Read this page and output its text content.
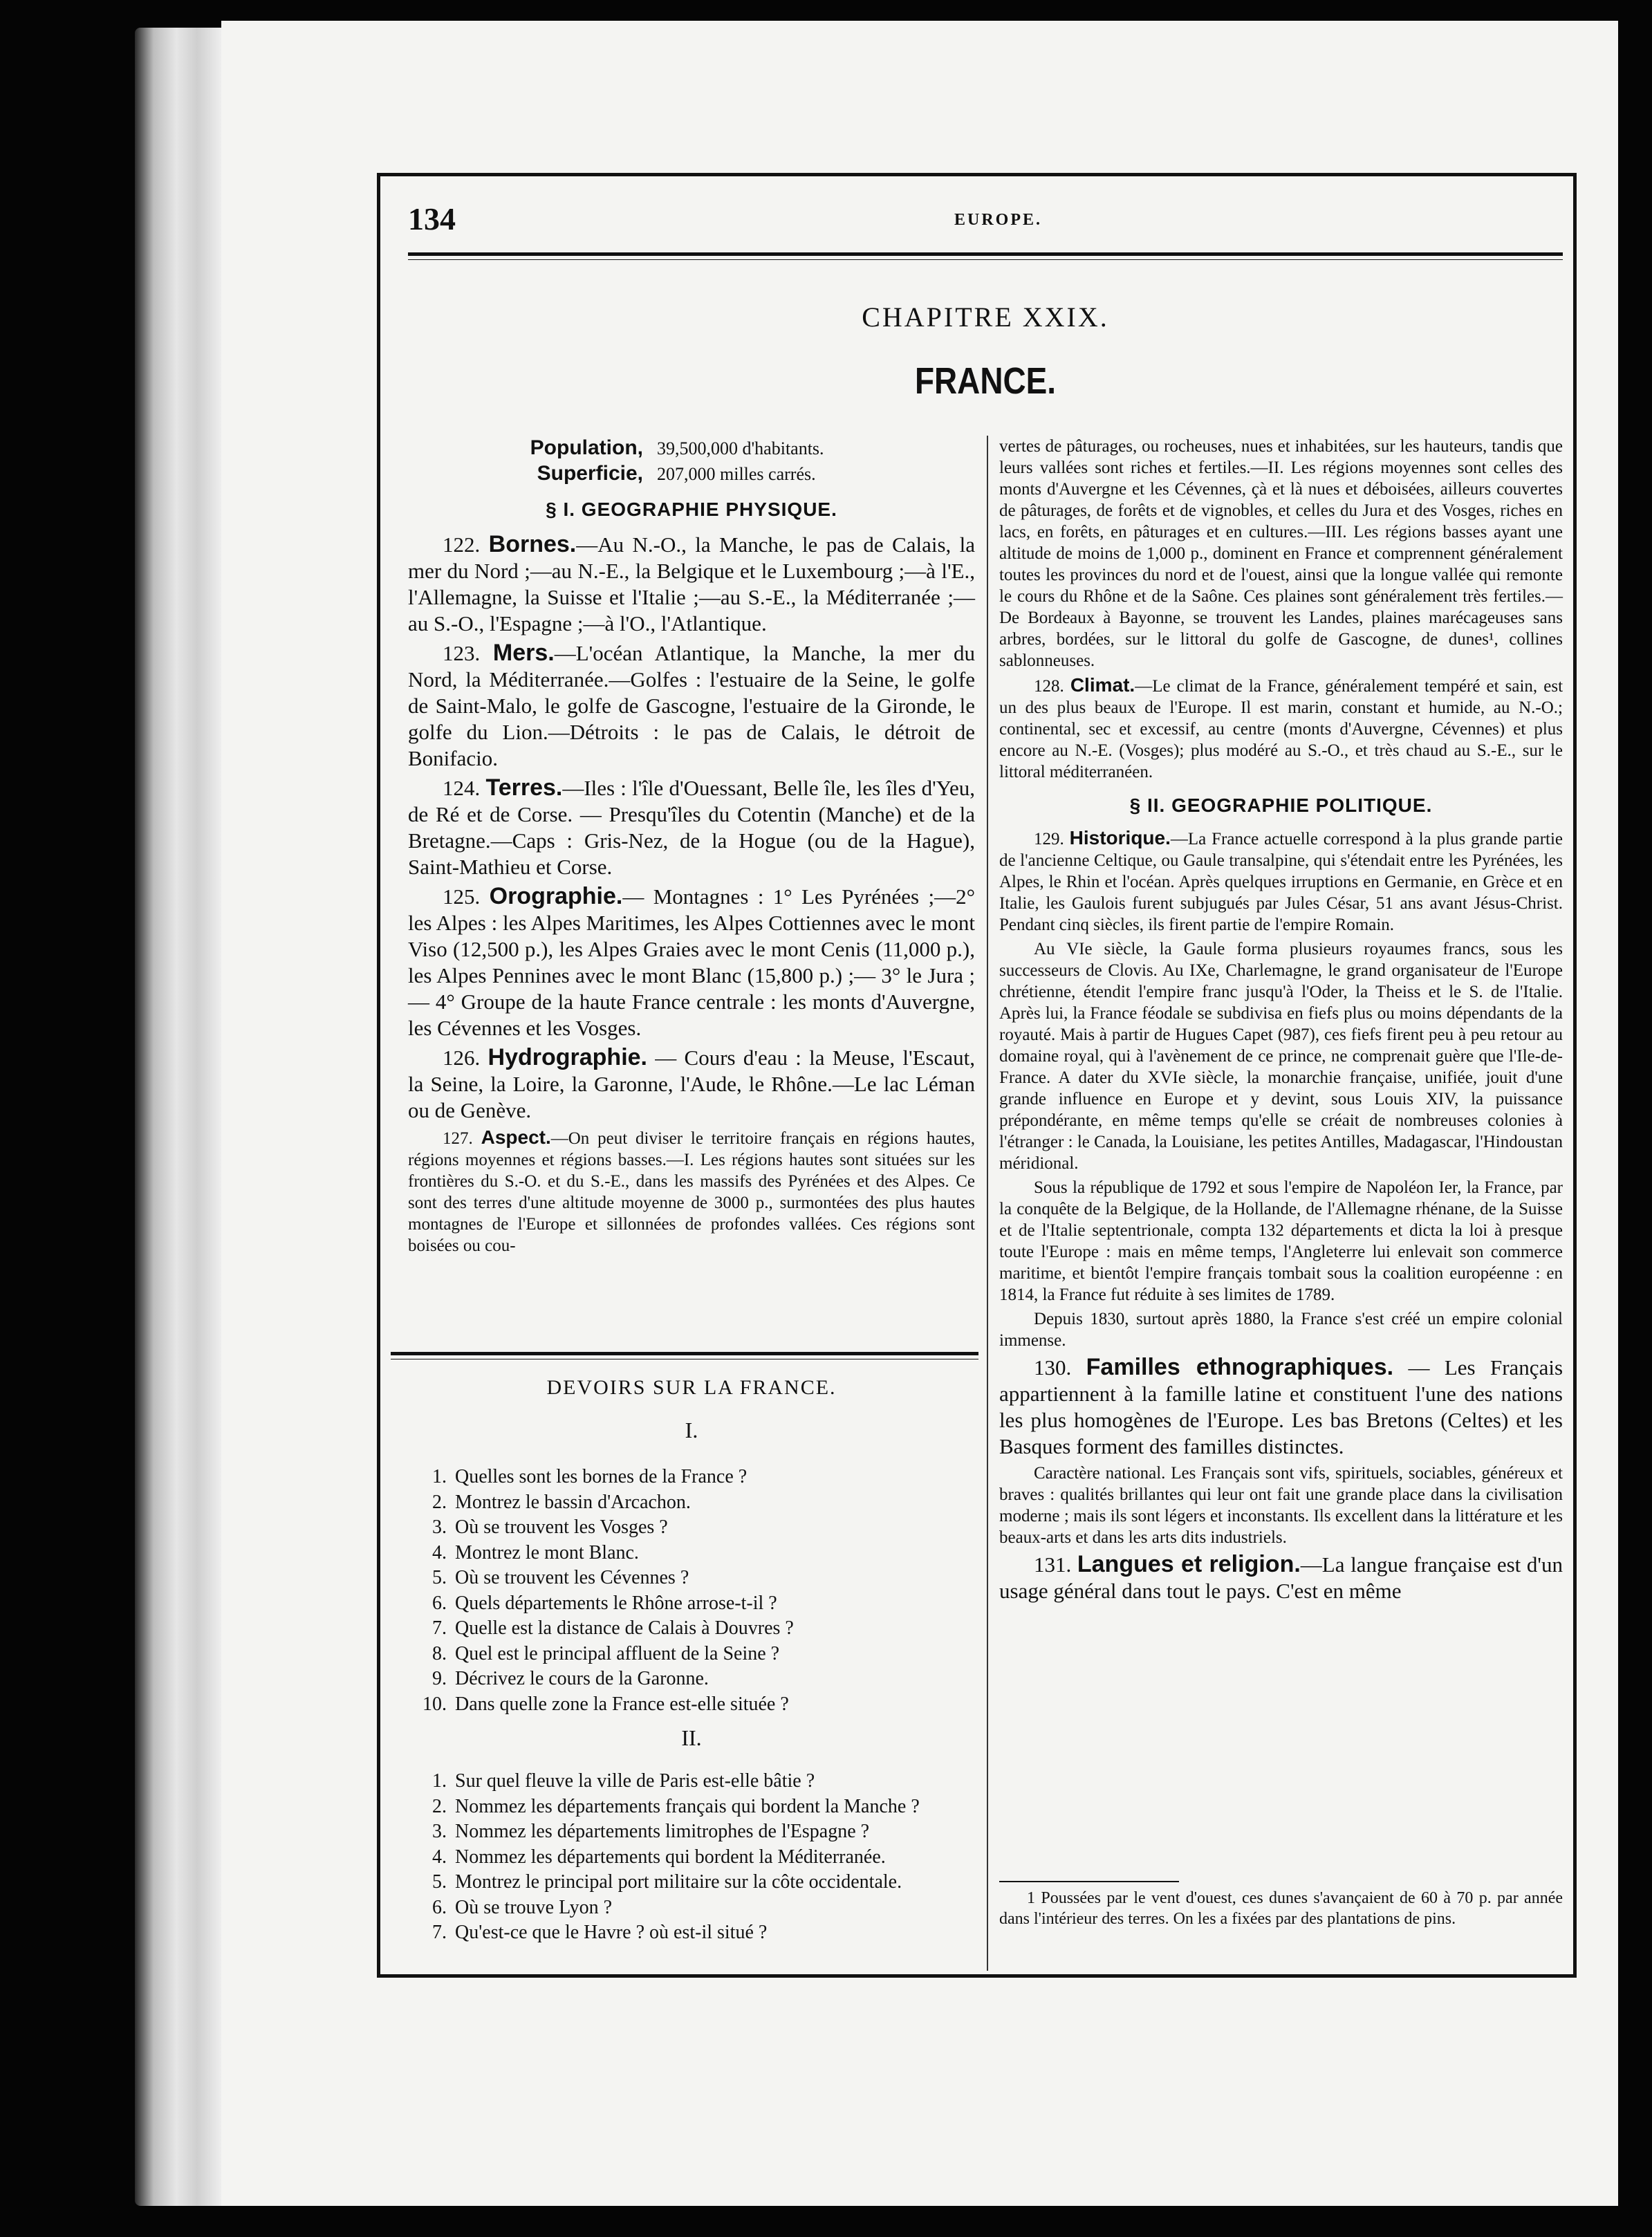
134	EUROPE.
CHAPITRE XXIX.
FRANCE.
Population, 39,500,000 d'habitants.
Superficie, 207,000 milles carrés.
§ I. GEOGRAPHIE PHYSIQUE.

122. Bornes.—Au N.-O., la Manche, le pas de Calais, la mer du Nord ;—au N.-E., la Belgique et le Luxembourg ;—à l'E., l'Allemagne, la Suisse et l'Italie ;—au S.-E., la Méditerranée ;—au S.-O., l'Espagne ;—à l'O., l'Atlantique.

123. Mers.—L'océan Atlantique, la Manche, la mer du Nord, la Méditerranée.—Golfes : l'estuaire de la Seine, le golfe de Saint-Malo, le golfe de Gascogne, l'estuaire de la Gironde, le golfe du Lion.—Détroits : le pas de Calais, le détroit de Bonifacio.

124. Terres.—Iles : l'île d'Ouessant, Belle île, les îles d'Yeu, de Ré et de Corse. — Presqu'îles du Cotentin (Manche) et de la Bretagne.—Caps : Gris-Nez, de la Hogue (ou de la Hague), Saint-Mathieu et Corse.

125. Orographie.— Montagnes : 1° Les Pyrénées ;—2° les Alpes : les Alpes Maritimes, les Alpes Cottiennes avec le mont Viso (12,500 p.), les Alpes Graies avec le mont Cenis (11,000 p.), les Alpes Pennines avec le mont Blanc (15,800 p.) ;— 3° le Jura ;— 4° Groupe de la haute France centrale : les monts d'Auvergne, les Cévennes et les Vosges.

126. Hydrographie. — Cours d'eau : la Meuse, l'Escaut, la Seine, la Loire, la Garonne, l'Aude, le Rhône.—Le lac Léman ou de Genève.

127. Aspect.—On peut diviser le territoire français en régions hautes, régions moyennes et régions basses.—I. Les régions hautes sont situées sur les frontières du S.-O. et du S.-E., dans les massifs des Pyrénées et des Alpes. Ce sont des terres d'une altitude moyenne de 3000 p., surmontées des plus hautes montagnes de l'Europe et sillonnées de profondes vallées. Ces régions sont boisées ou cou-

DEVOIRS SUR LA FRANCE.
I.
1. Quelles sont les bornes de la France ?
2. Montrez le bassin d'Arcachon.
3. Où se trouvent les Vosges ?
4. Montrez le mont Blanc.
5. Où se trouvent les Cévennes ?
6. Quels départements le Rhône arrose-t-il ?
7. Quelle est la distance de Calais à Douvres ?
8. Quel est le principal affluent de la Seine ?
9. Décrivez le cours de la Garonne.
10. Dans quelle zone la France est-elle située ?
II.
1. Sur quel fleuve la ville de Paris est-elle bâtie ?
2. Nommez les départements français qui bordent la Manche ?
3. Nommez les départements limitrophes de l'Espagne ?
4. Nommez les départements qui bordent la Méditerranée.
5. Montrez le principal port militaire sur la côte occidentale.
6. Où se trouve Lyon ?
7. Qu'est-ce que le Havre ? où est-il situé ?

vertes de pâturages, ou rocheuses, nues et inhabitées, sur les hauteurs, tandis que leurs vallées sont riches et fertiles.—II. Les régions moyennes sont celles des monts d'Auvergne et les Cévennes, çà et là nues et déboisées, ailleurs couvertes de pâturages, de forêts et de vignobles, et celles du Jura et des Vosges, riches en lacs, en forêts, en pâturages et en cultures.—III. Les régions basses ayant une altitude de moins de 1,000 p., dominent en France et comprennent généralement toutes les provinces du nord et de l'ouest, ainsi que la longue vallée qui remonte le cours du Rhône et de la Saône. Ces plaines sont généralement très fertiles.—De Bordeaux à Bayonne, se trouvent les Landes, plaines marécageuses sans arbres, bordées, sur le littoral du golfe de Gascogne, de dunes¹, collines sablonneuses.

128. Climat.—Le climat de la France, généralement tempéré et sain, est un des plus beaux de l'Europe. Il est marin, constant et humide, au N.-O.; continental, sec et excessif, au centre (monts d'Auvergne, Cévennes) et plus encore au N.-E. (Vosges); plus modéré au S.-O., et très chaud au S.-E., sur le littoral méditerranéen.

§ II. GEOGRAPHIE POLITIQUE.

129. Historique.—La France actuelle correspond à la plus grande partie de l'ancienne Celtique, ou Gaule transalpine, qui s'étendait entre les Pyrénées, les Alpes, le Rhin et l'océan. Après quelques irruptions en Germanie, en Grèce et en Italie, les Gaulois furent subjugués par Jules César, 51 ans avant Jésus-Christ. Pendant cinq siècles, ils firent partie de l'empire Romain.

Au VIe siècle, la Gaule forma plusieurs royaumes francs, sous les successeurs de Clovis. Au IXe, Charlemagne, le grand organisateur de l'Europe chrétienne, étendit l'empire franc jusqu'à l'Oder, la Theiss et le S. de l'Italie. Après lui, la France féodale se subdivisa en fiefs plus ou moins dépendants de la royauté. Mais à partir de Hugues Capet (987), ces fiefs firent peu à peu retour au domaine royal, qui à l'avènement de ce prince, ne comprenait guère que l'Ile-de-France. A dater du XVIe siècle, la monarchie française, unifiée, jouit d'une grande influence en Europe et y devint, sous Louis XIV, la puissance prépondérante, en même temps qu'elle se créait de nombreuses colonies à l'étranger : le Canada, la Louisiane, les petites Antilles, Madagascar, l'Hindoustan méridional.

Sous la république de 1792 et sous l'empire de Napoléon Ier, la France, par la conquête de la Belgique, de la Hollande, de l'Allemagne rhénane, de la Suisse et de l'Italie septentrionale, compta 132 départements et dicta la loi à presque toute l'Europe : mais en même temps, l'Angleterre lui enlevait son commerce maritime, et bientôt l'empire français tombait sous la coalition européenne : en 1814, la France fut réduite à ses limites de 1789.

Depuis 1830, surtout après 1880, la France s'est créé un empire colonial immense.

130. Familles ethnographiques. — Les Français appartiennent à la famille latine et constituent l'une des nations les plus homogènes de l'Europe. Les bas Bretons (Celtes) et les Basques forment des familles distinctes.

Caractère national. Les Français sont vifs, spirituels, sociables, généreux et braves : qualités brillantes qui leur ont fait une grande place dans la civilisation moderne ; mais ils sont légers et inconstants. Ils excellent dans la littérature et les beaux-arts et dans les arts dits industriels.

131. Langues et religion.—La langue française est d'un usage général dans tout le pays. C'est en même

1 Poussées par le vent d'ouest, ces dunes s'avançaient de 60 à 70 p. par année dans l'intérieur des terres. On les a fixées par des plantations de pins.
